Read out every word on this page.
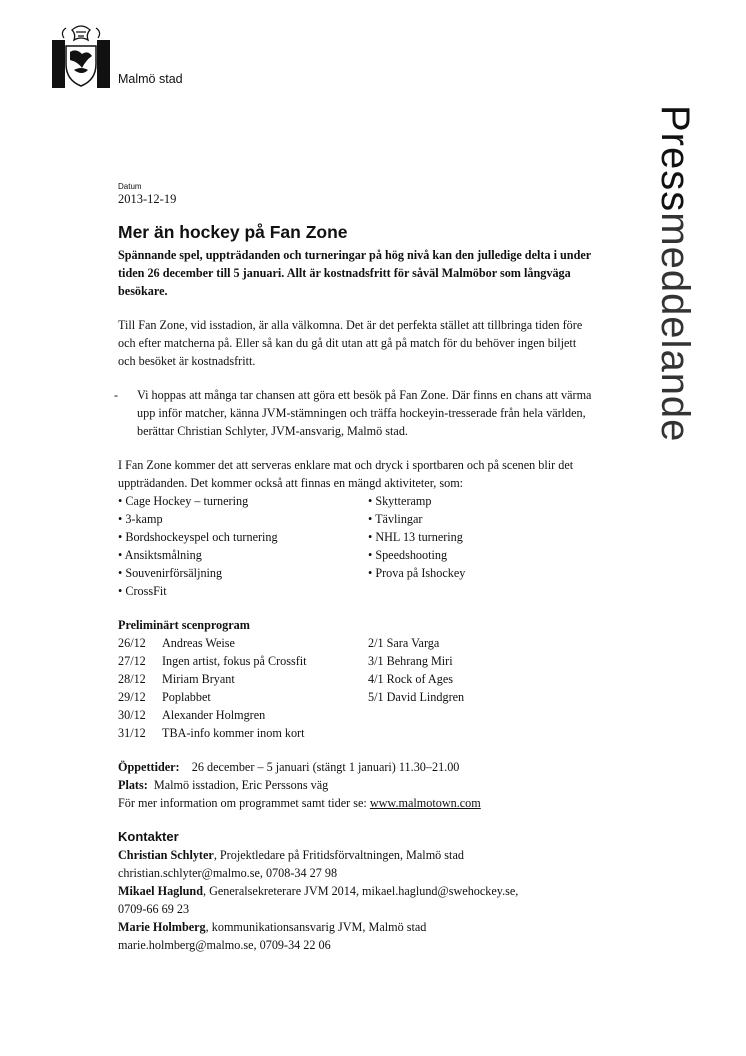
Malmö stad
Pressmeddelande
Datum
2013-12-19
Mer än hockey på Fan Zone

Spännande spel, uppträdanden och turneringar på hög nivå kan den julledige delta i under tiden 26 december till 5 januari. Allt är kostnadsfritt för såväl Malmöbor som långväga besökare.

Till Fan Zone, vid isstadion, är alla välkomna. Det är det perfekta stället att tillbringa tiden före och efter matcherna på. Eller så kan du gå dit utan att gå på match för du behöver ingen biljett och besöket är kostnadsfritt.

- Vi hoppas att många tar chansen att göra ett besök på Fan Zone. Där finns en chans att värma upp inför matcher, känna JVM-stämningen och träffa hockeyin-tresserade från hela världen, berättar Christian Schlyter, JVM-ansvarig, Malmö stad.

I Fan Zone kommer det att serveras enklare mat och dryck i sportbaren och på scenen blir det uppträdanden. Det kommer också att finnas en mängd aktiviteter, som:

• Cage Hockey – turnering

• 3-kamp

• Bordshockeyspel och turnering

• Ansiktsmålning

• Souvenirförsäljning

• CrossFit

• Skytteramp

• Tävlingar

• NHL 13 turnering

• Speedshooting

• Prova på Ishockey

Preliminärt scenprogram

26/12	Andreas Weise

27/12	Ingen artist, fokus på Crossfit

28/12	Miriam Bryant

29/12	Poplabbet

30/12	Alexander Holmgren

31/12	TBA-info kommer inom kort

2/1 Sara Varga

3/1 Behrang Miri

4/1 Rock of Ages

5/1 David Lindgren

Öppettider: 26 december – 5 januari (stängt 1 januari) 11.30–21.00

Plats: Malmö isstadion, Eric Perssons väg

För mer information om programmet samt tider se: www.malmotown.com

Kontakter

Christian Schlyter, Projektledare på Fritidsförvaltningen, Malmö stad

christian.schlyter@malmo.se, 0708-34 27 98

Mikael Haglund, Generalsekreterare JVM 2014, mikael.haglund@swehockey.se,

0709-66 69 23

Marie Holmberg, kommunikationsansvarig JVM, Malmö stad

marie.holmberg@malmo.se, 0709-34 22 06
